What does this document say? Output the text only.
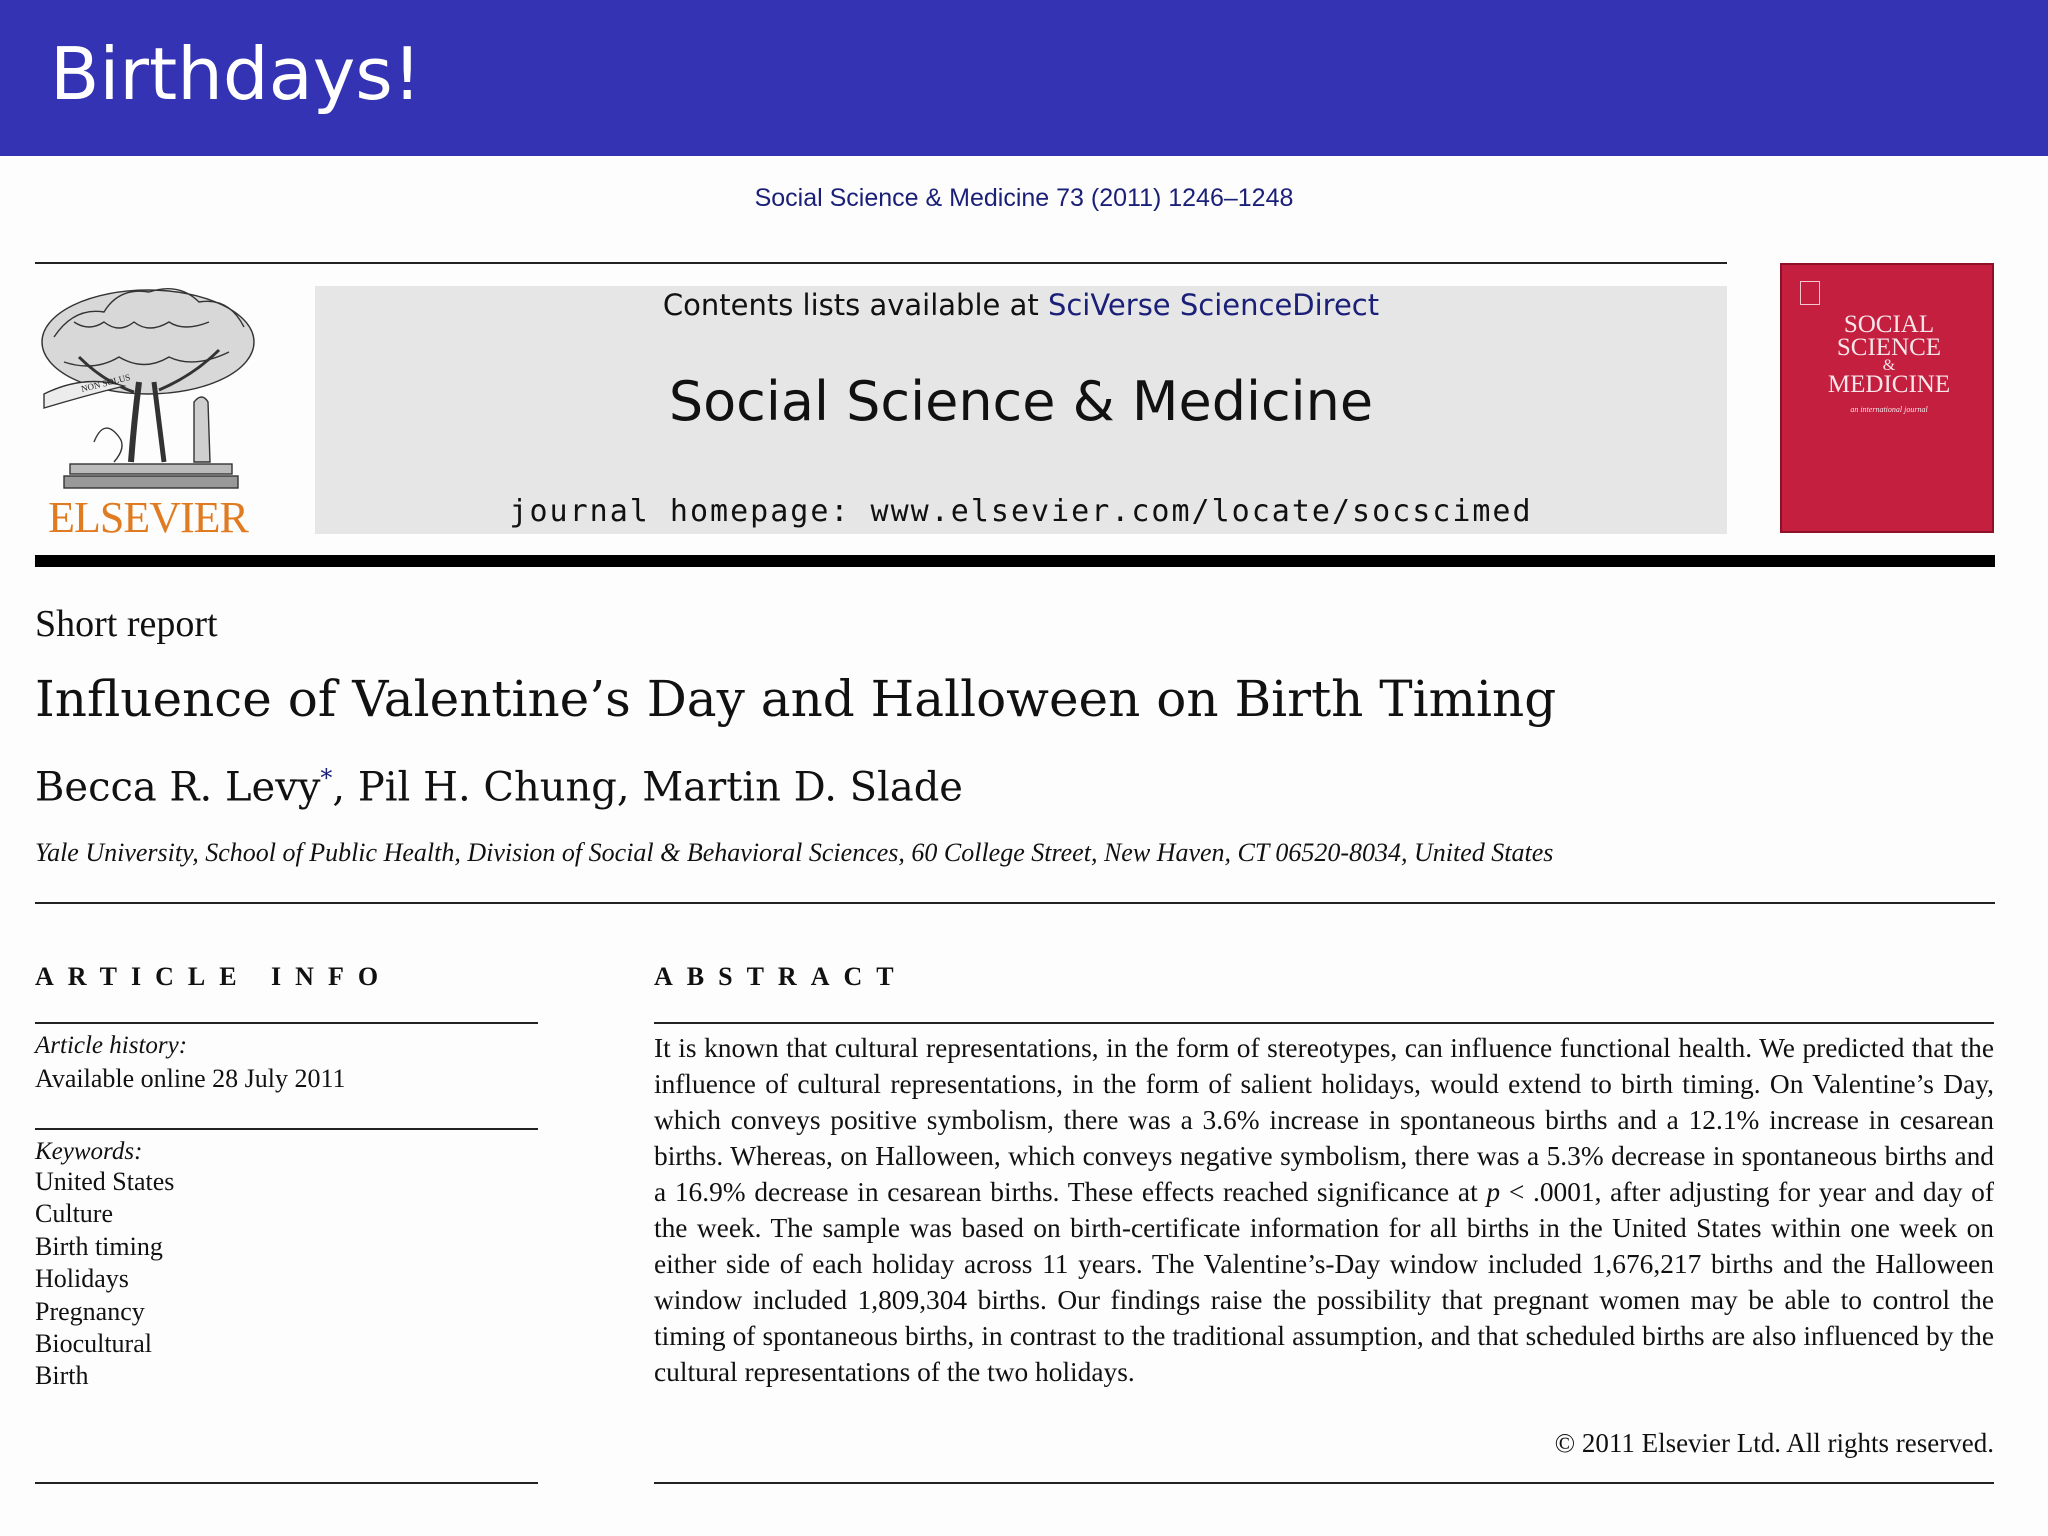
Birthdays!
Social Science & Medicine 73 (2011) 1246–1248
NON SOLUS
ELSEVIER
Contents lists available at SciVerse ScienceDirect
Social Science & Medicine
journal homepage: www.elsevier.com/locate/socscimed
SOCIAL
SCIENCE
&
MEDICINE
an international journal
Short report
Influence of Valentine’s Day and Halloween on Birth Timing
Becca R. Levy*, Pil H. Chung, Martin D. Slade
Yale University, School of Public Health, Division of Social & Behavioral Sciences, 60 College Street, New Haven, CT 06520-8034, United States
ARTICLE INFO
Article history:
Available online 28 July 2011
Keywords:
United States
Culture
Birth timing
Holidays
Pregnancy
Biocultural
Birth
ABSTRACT
It is known that cultural representations, in the form of stereotypes, can influence functional health. We predicted that the influence of cultural representations, in the form of salient holidays, would extend to birth timing. On Valentine’s Day, which conveys positive symbolism, there was a 3.6% increase in spontaneous births and a 12.1% increase in cesarean births. Whereas, on Halloween, which conveys negative symbolism, there was a 5.3% decrease in spontaneous births and a 16.9% decrease in cesarean births. These effects reached significance at p < .0001, after adjusting for year and day of the week. The sample was based on birth-certificate information for all births in the United States within one week on either side of each holiday across 11 years. The Valentine’s-Day window included 1,676,217 births and the Halloween window included 1,809,304 births. Our findings raise the possibility that pregnant women may be able to control the timing of spontaneous births, in contrast to the traditional assumption, and that scheduled births are also influenced by the cultural representations of the two holidays.
© 2011 Elsevier Ltd. All rights reserved.
